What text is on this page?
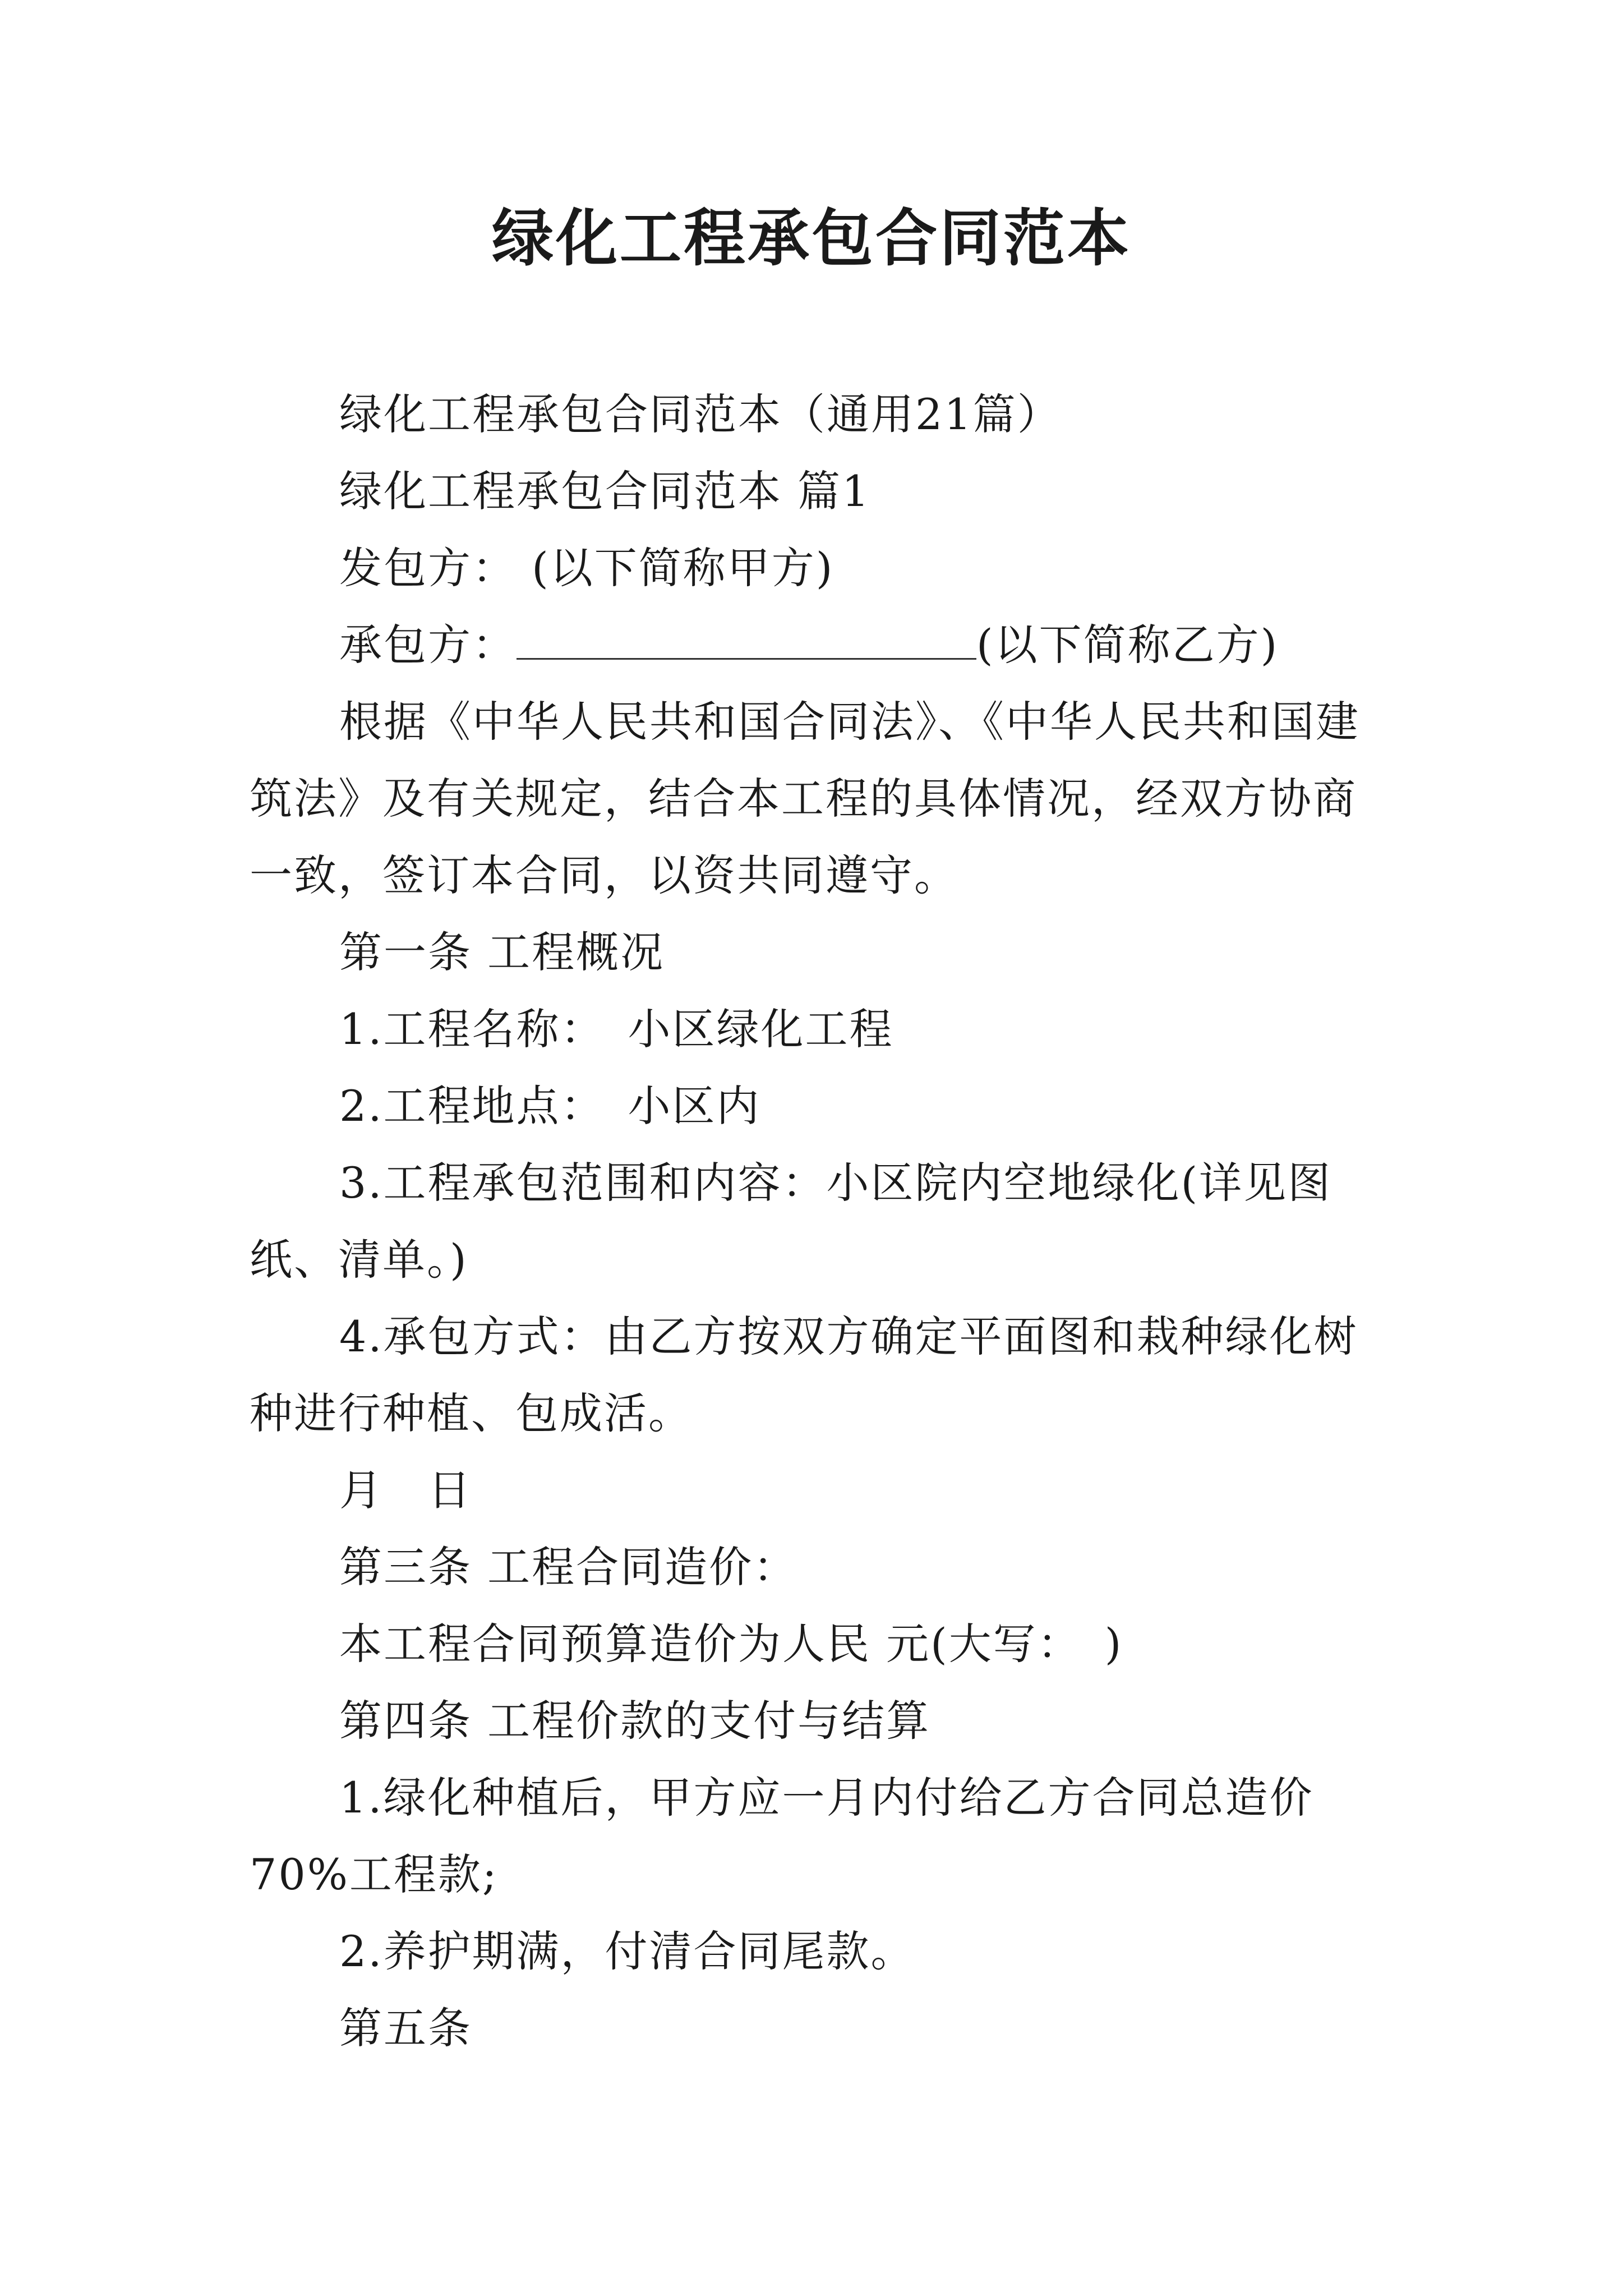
绿化工程承包合同范本

绿化工程承包合同范本（通用21篇）

绿化工程承包合同范本 篇1

发包方： (以下简称甲方)

承包方：	(以下简称乙方)

根据《中华人民共和国合同法》、《中华人民共和国建筑法》及有关规定，结合本工程的具体情况，经双方协商一致，签订本合同，以资共同遵守。

第一条 工程概况

1.工程名称：　小区绿化工程

2.工程地点：　小区内

3.工程承包范围和内容：小区院内空地绿化(详见图纸、清单。)

4.承包方式：由乙方按双方确定平面图和栽种绿化树种进行种植、包成活。

月　日

第三条 工程合同造价：

本工程合同预算造价为人民 元(大写：　)

第四条 工程价款的支付与结算

1.绿化种植后，甲方应一月内付给乙方合同总造价70%工程款;

2.养护期满，付清合同尾款。

第五条
